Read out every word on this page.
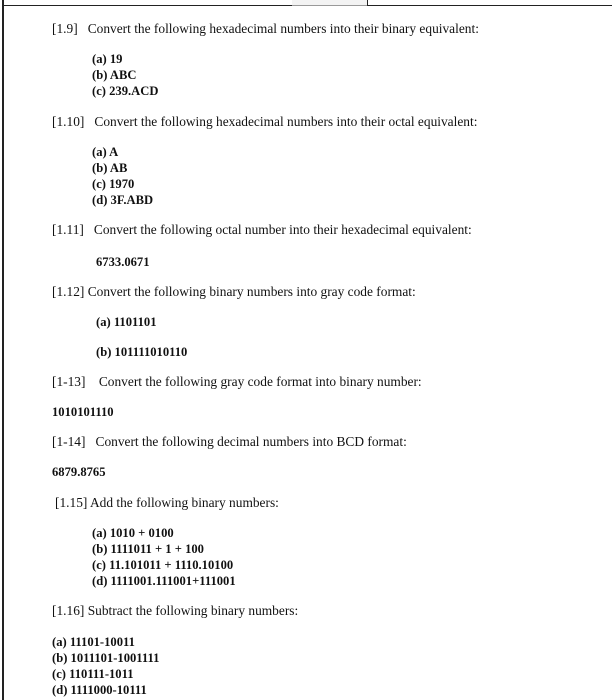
[1.9] Convert the following hexadecimal numbers into their binary equivalent:
(a) 19
(b) ABC
(c) 239.ACD
[1.10] Convert the following hexadecimal numbers into their octal equivalent:
(a) A
(b) AB
(c) 1970
(d) 3F.ABD
[1.11] Convert the following octal number into their hexadecimal equivalent:
6733.0671
[1.12] Convert the following binary numbers into gray code format:
(a) 1101101
(b) 101111010110
[1-13] Convert the following gray code format into binary number:
1010101110
[1-14] Convert the following decimal numbers into BCD format:
6879.8765
[1.15] Add the following binary numbers:
(a) 1010 + 0100
(b) 1111011 + 1 + 100
(c) 11.101011 + 1110.10100
(d) 1111001.111001+111001
[1.16] Subtract the following binary numbers:
(a) 11101-10011
(b) 1011101-1001111
(c) 110111-1011
(d) 1111000-10111
